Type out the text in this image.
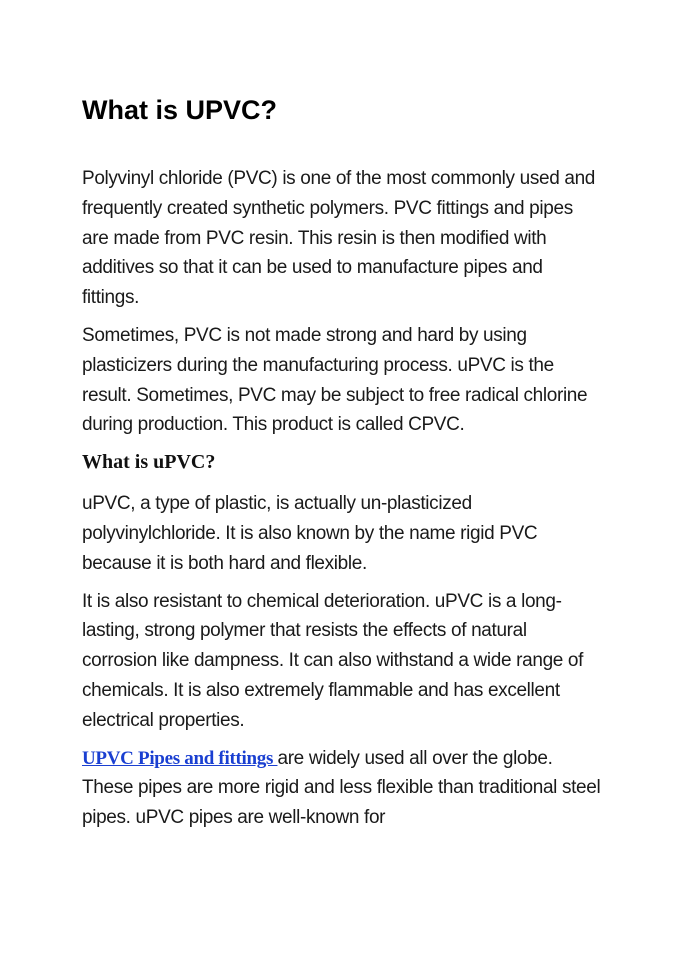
What is UPVC?

Polyvinyl chloride (PVC) is one of the most commonly used and frequently created synthetic polymers. PVC fittings and pipes are made from PVC resin. This resin is then modified with additives so that it can be used to manufacture pipes and fittings.

Sometimes, PVC is not made strong and hard by using plasticizers during the manufacturing process. uPVC is the result. Sometimes, PVC may be subject to free radical chlorine during production. This product is called CPVC.

What is uPVC?

uPVC, a type of plastic, is actually un-plasticized polyvinylchloride. It is also known by the name rigid PVC because it is both hard and flexible.

It is also resistant to chemical deterioration. uPVC is a long-lasting, strong polymer that resists the effects of natural corrosion like dampness. It can also withstand a wide range of chemicals. It is also extremely flammable and has excellent electrical properties.

UPVC Pipes and fittings are widely used all over the globe. These pipes are more rigid and less flexible than traditional steel pipes. uPVC pipes are well-known for
